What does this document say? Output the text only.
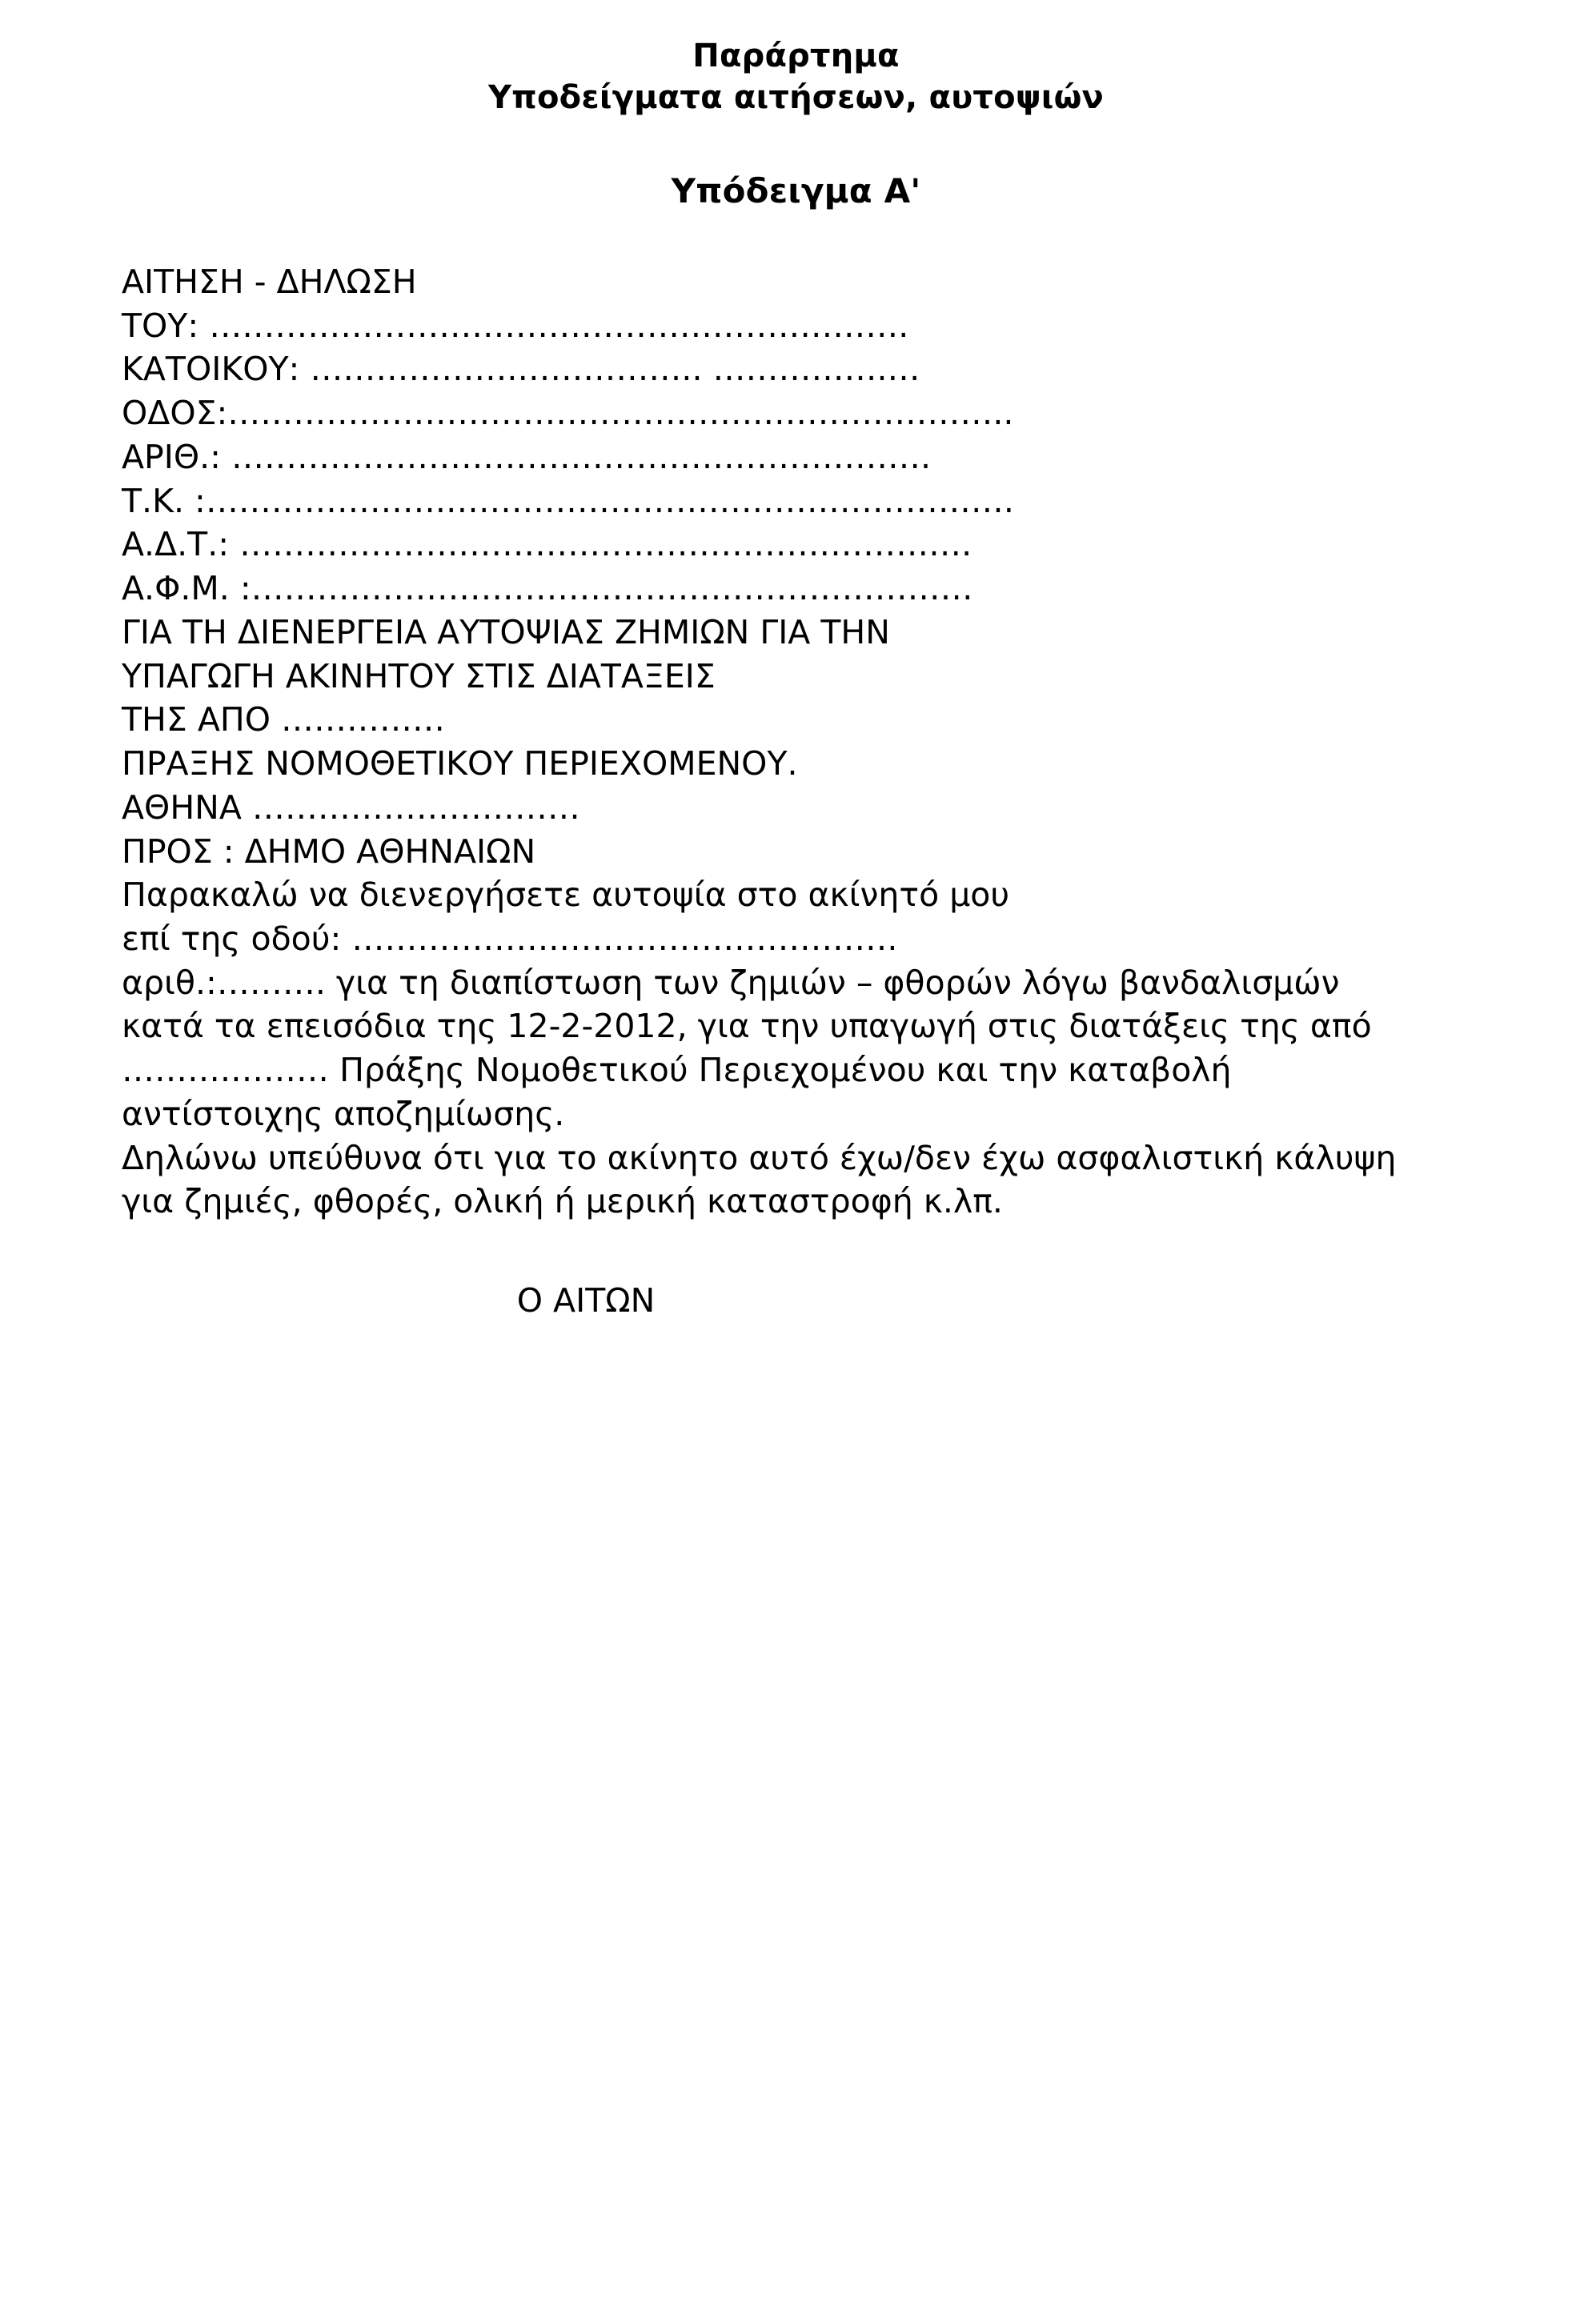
Παράρτημα
Υποδείγματα αιτήσεων, αυτοψιών
Υπόδειγμα Α'
ΑΙΤΗΣΗ - ΔΗΛΩΣΗ
ΤΟΥ: ……………………………………………………….
ΚΑΤΟΙΚΟΥ: ……………….…………….. …………….…
ΟΔΟΣ:………………………………………….…………………..
ΑΡΙΘ.: ……………………………………………………….
Τ.Κ. :………………….…………………………………………….
Α.Δ.Τ.: ………………………………………………………….
Α.Φ.Μ. :…………………………………………………………
ΓΙΑ ΤΗ ΔΙΕΝΕΡΓΕΙΑ ΑΥΤΟΨΙΑΣ ΖΗΜΙΩΝ ΓΙΑ ΤΗΝ
ΥΠΑΓΩΓΗ ΑΚΙΝΗΤΟΥ ΣΤΙΣ ΔΙΑΤΑΞΕΙΣ
ΤΗΣ ΑΠΟ ……………
ΠΡΑΞΗΣ ΝΟΜΟΘΕΤΙΚΟΥ ΠΕΡΙΕΧΟΜΕΝΟΥ.
ΑΘΗΝΑ …………………………
ΠΡΟΣ : ΔΗΜΟ ΑΘΗΝΑΙΩΝ
Παρακαλώ να διενεργήσετε αυτοψία στο ακίνητό μου
επί της οδού: ……………….………………………….
αριθ.:………. για τη διαπίστωση των ζημιών – φθορών λόγω βανδαλισμών
κατά τα επεισόδια της 12-2-2012, για την υπαγωγή στις διατάξεις της από
……….……… Πράξης Νομοθετικού Περιεχομένου και την καταβολή
αντίστοιχης αποζημίωσης.
Δηλώνω υπεύθυνα ότι για το ακίνητο αυτό έχω/δεν έχω ασφαλιστική κάλυψη
για ζημιές, φθορές, ολική ή μερική καταστροφή κ.λπ.
Ο ΑΙΤΩΝ
